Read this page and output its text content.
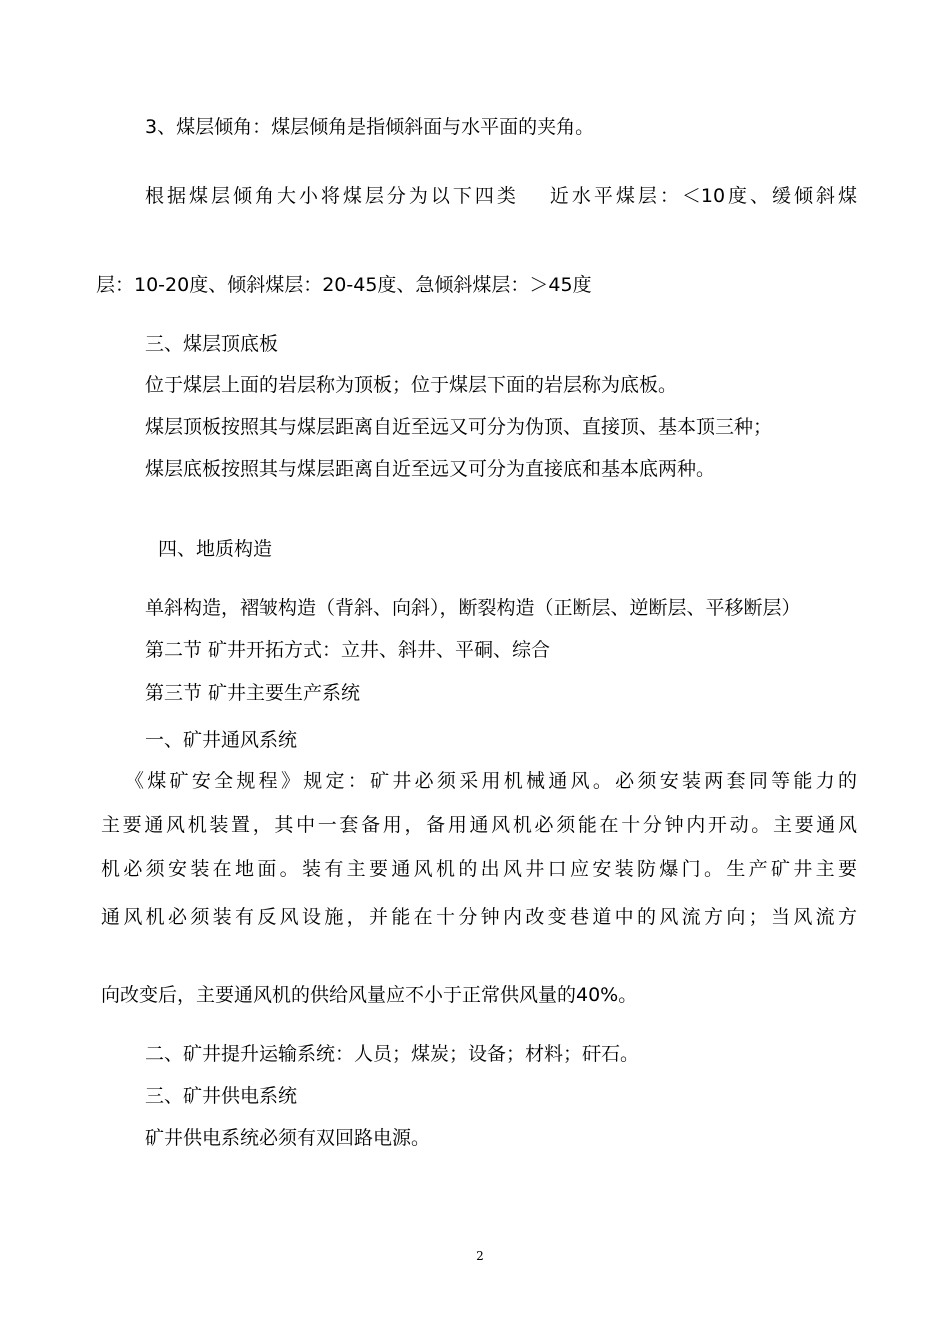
3、煤层倾角：煤层倾角是指倾斜面与水平面的夹角。
根据煤层倾角大小将煤层分为以下四类　 近水平煤层：＜10度、缓倾斜煤
层：10-20度、倾斜煤层：20-45度、急倾斜煤层：＞45度
三、煤层顶底板
位于煤层上面的岩层称为顶板；位于煤层下面的岩层称为底板。
煤层顶板按照其与煤层距离自近至远又可分为伪顶、直接顶、基本顶三种；
煤层底板按照其与煤层距离自近至远又可分为直接底和基本底两种。
四、地质构造
单斜构造，褶皱构造（背斜、向斜），断裂构造（正断层、逆断层、平移断层）
第二节 矿井开拓方式：立井、斜井、平硐、综合
第三节 矿井主要生产系统
一、矿井通风系统
《煤矿安全规程》规定：矿井必须采用机械通风。必须安装两套同等能力的
主要通风机装置，其中一套备用，备用通风机必须能在十分钟内开动。主要通风
机必须安装在地面。装有主要通风机的出风井口应安装防爆门。生产矿井主要
通风机必须装有反风设施，并能在十分钟内改变巷道中的风流方向；当风流方
向改变后，主要通风机的供给风量应不小于正常供风量的40%。
二、矿井提升运输系统：人员；煤炭；设备；材料；矸石。
三、矿井供电系统
矿井供电系统必须有双回路电源。
2
